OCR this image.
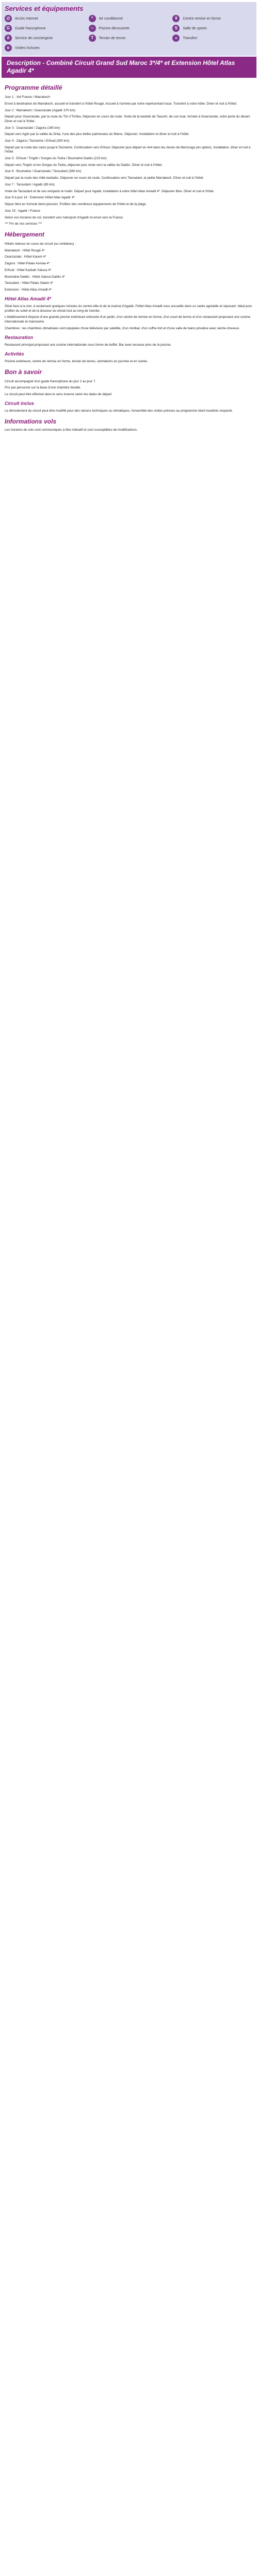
Services et équipements
@	Accès Internet	*	Air conditionné	¥	Centre remise en forme
G	Guide francophone	~	Piscine découverte	S	Salle de sports
ô	Service de conciergerie	T	Terrain de tennis	»	Transfert
o	Visites incluses
Description - Combiné Circuit Grand Sud Maroc 3*/4* et Extension Hôtel Atlas Agadir 4*
Programme détaillé

Jour 1 : Vol France / Marrakech

Envol à destination de Marrakech, accueil et transfert à l'hôtel Rougé, Accueil à l'arrivée par notre représentant local. Transfert à votre hôtel. Dîner et nuit à l'hôtel.

Jour 2 : Marrakech / Ouarzazate (Agadir 370 km)

Départ pour Ouarzazate, par la route du Tizi n'Tichka. Déjeuner en cours de route. Visite de la kasbah de Taourirt, de son ksar. Arrivée à Ouarzazate, votre porte du désert. Dîner et nuit à l'hôtel.

Jour 3 : Ouarzazate / Zagora (165 km)

Départ vers Agdz par la vallée du Drâa, l'une des plus belles palmeraies du Maroc. Déjeuner. Installation et dîner et nuit à l'hôtel.

Jour 4 : Zagora / Tazzarine / Erfoud (300 km)

Départ par la route des oasis jusqu'à Tazzarine. Continuation vers Erfoud. Déjeuner puis départ en 4x4 dans les dunes de Merzouga (en option). Installation, dîner et nuit à l'hôtel.

Jour 5 : Erfoud / Tinghir / Gorges du Todra / Boumalne Dadès (210 km)

Départ vers Tinghir et les Gorges du Todra, déjeuner puis route vers la vallée du Dadès. Dîner et nuit à l'hôtel.

Jour 6 : Boumalne / Ouarzazate / Taroudant (380 km)

Départ par la route des mille kasbahs. Déjeuner en cours de route. Continuation vers Taroudant, la petite Marrakech. Dîner et nuit à l'hôtel.

Jour 7 : Taroudant / Agadir (85 km)

Visite de Taroudant et de ses remparts le matin. Départ pour Agadir, installation à votre hôtel Atlas Amadil 4*. Déjeuner libre. Dîner et nuit à l'hôtel.

Jour 8 à jour 14 : Extension Hôtel Atlas Agadir 4*

Séjour libre en formule demi-pension. Profitez des nombreux équipements de l'hôtel et de la plage.

Jour 15 : Agadir / France

Selon vos horaires de vol, transfert vers l'aéroport d'Agadir et envol vers la France.

*** Fin de nos services ***

Hébergement

Hôtels retenus en cours de circuit (ou similaires) :

Marrakech : Hôtel Rougé 4*

Ouarzazate : Hôtel Karam 4*

Zagora : Hôtel Palais Asmaa 4*

Erfoud : Hôtel Kasbah Xaluca 4*

Boumalne Dadès : Hôtel Xaluca Dadès 4*

Taroudant : Hôtel Palais Salam 4*

Extension : Hôtel Atlas Amadil 4*

Hôtel Atlas Amadil 4*

Situé face à la mer, à seulement quelques minutes du centre-ville et de la marina d'Agadir, l'hôtel Atlas Amadil vous accueille dans un cadre agréable et reposant. Idéal pour profiter du soleil et de la douceur du climat tout au long de l'année.

L'établissement dispose d'une grande piscine extérieure entourée d'un jardin, d'un centre de remise en forme, d'un court de tennis et d'un restaurant proposant une cuisine internationale et marocaine.

Chambres : les chambres climatisées sont équipées d'une télévision par satellite, d'un minibar, d'un coffre-fort et d'une salle de bains privative avec sèche-cheveux.

Restauration

Restaurant principal proposant une cuisine internationale sous forme de buffet. Bar avec terrasse près de la piscine.

Activités

Piscine extérieure, centre de remise en forme, terrain de tennis, animations en journée et en soirée.

Bon à savoir

Circuit accompagné d'un guide francophone du jour 2 au jour 7.

Prix par personne sur la base d'une chambre double.

Le circuit peut être effectué dans le sens inverse selon les dates de départ.

Circuit inclus

Le déroulement du circuit peut être modifié pour des raisons techniques ou climatiques, l'ensemble des visites prévues au programme étant toutefois respecté.

Informations vols

Les horaires de vols sont communiqués à titre indicatif et sont susceptibles de modifications.
